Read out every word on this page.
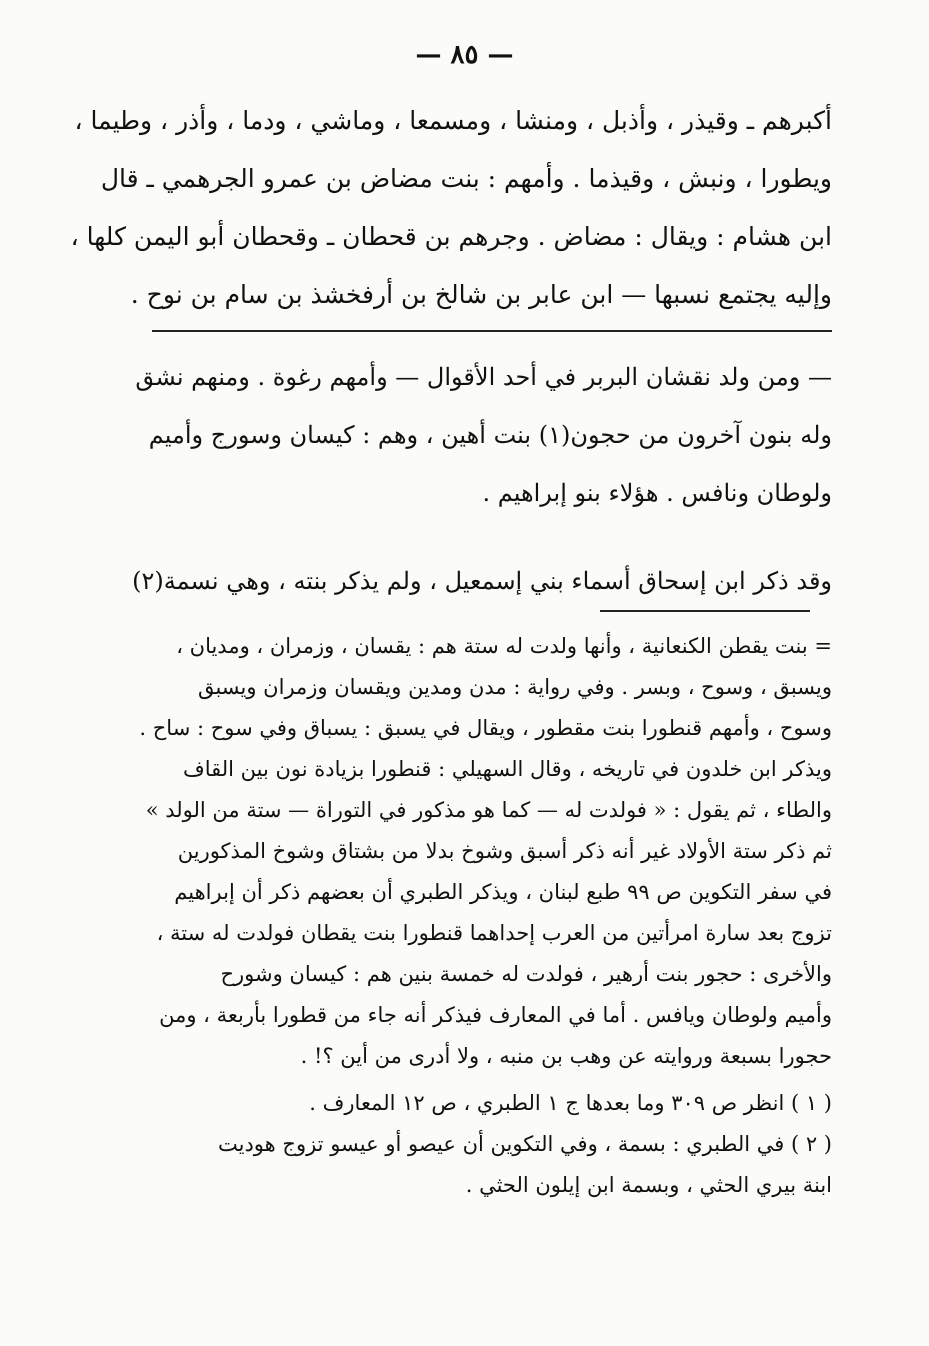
— ٨٥ —
أكبرهم ـ وقيذر ، وأذبل ، ومنشا ، ومسمعا ، وماشي ، ودما ، وأذر ، وطيما ،
ويطورا ، ونبش ، وقيذما . وأمهم : بنت مضاض بن عمرو الجرهمي ـ قال
ابن هشام : ويقال : مضاض . وجرهم بن قحطان ـ وقحطان أبو اليمن كلها ،
وإليه يجتمع نسبها — ابن عابر بن شالخ بن أرفخشذ بن سام بن نوح .
— ومن ولد نقشان البربر في أحد الأقوال — وأمهم رغوة . ومنهم نشق
وله بنون آخرون من حجون(١) بنت أهين ، وهم : كيسان وسورج وأميم
ولوطان ونافس . هؤلاء بنو إبراهيم .
وقد ذكر ابن إسحاق أسماء بني إسمعيل ، ولم يذكر بنته ، وهي نسمة(٢)
= بنت يقطن الكنعانية ، وأنها ولدت له ستة هم : يقسان ، وزمران ، ومديان ،
ويسبق ، وسوح ، وبسر . وفي رواية : مدن ومدين ويقسان وزمران ويسبق
وسوح ، وأمهم قنطورا بنت مقطور ، ويقال في يسبق : يسباق وفي سوح : ساح .
ويذكر ابن خلدون في تاريخه ، وقال السهيلي : قنطورا بزيادة نون بين القاف
والطاء ، ثم يقول : « فولدت له — كما هو مذكور في التوراة — ستة من الولد »
ثم ذكر ستة الأولاد غير أنه ذكر أسبق وشوخ بدلا من بشتاق وشوخ المذكورين
في سفر التكوين ص ٩٩ طبع لبنان ، ويذكر الطبري أن بعضهم ذكر أن إبراهيم
تزوج بعد سارة امرأتين من العرب إحداهما قنطورا بنت يقطان فولدت له ستة ،
والأخرى : حجور بنت أرهير ، فولدت له خمسة بنين هم : كيسان وشورح
وأميم ولوطان ويافس . أما في المعارف فيذكر أنه جاء من قطورا بأربعة ، ومن
حجورا بسبعة وروايته عن وهب بن منبه ، ولا أدرى من أين ؟! .
( ١ ) انظر ص ٣٠٩ وما بعدها ج ١ الطبري ، ص ١٢ المعارف .
( ٢ ) في الطبري : بسمة ، وفي التكوين أن عيصو أو عيسو تزوج هوديت
ابنة بيري الحثي ، وبسمة ابن إيلون الحثي .
